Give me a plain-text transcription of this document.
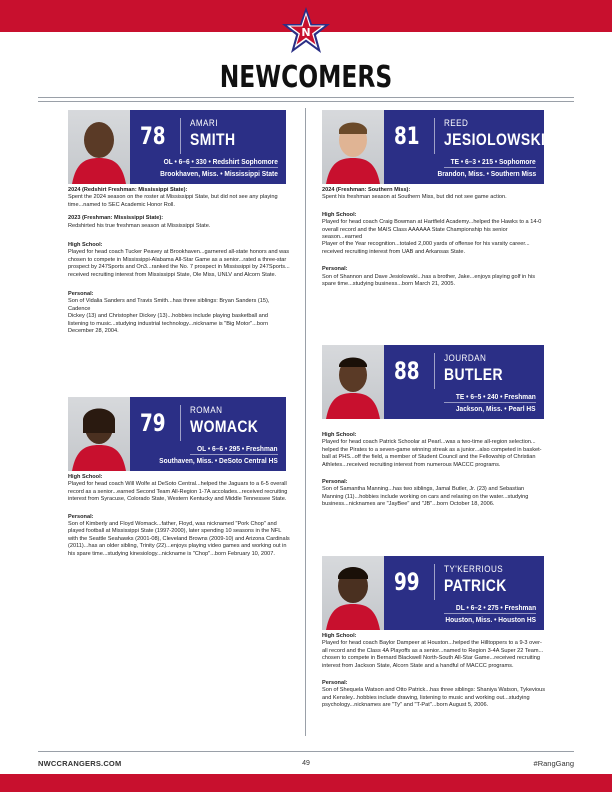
N
NEWCOMERS
78	AMARI
SMITH
OL • 6–6 • 330 • Redshirt Sophomore
Brookhaven, Miss. • Mississippi State

2024 (Redshirt Freshman: Mississippi State):
Spent the 2024 season on the roster at Mississippi State, but did not see any playing
time...named to SEC Academic Honor Roll.

2023 (Freshman: Mississippi State):
Redshirted his true freshman season at Mississippi State.

High School:
Played for head coach Tucker Peavey at Brookhaven...garnered all-state honors and was
chosen to compete in Mississippi-Alabama All-Star Game as a senior...rated a three-star
prospect by 247Sports and On3...ranked the No. 7 prospect in Mississippi by 247Sports...
received recruiting interest from Mississippi State, Ole Miss, UNLV and Alcorn State.

Personal:
Son of Vidalia Sanders and Travis Smith...has three siblings: Bryan Sanders (15), Cadence
Dickey (13) and Christopher Dickey (13)...hobbies include playing basketball and
listening to music...studying industrial technology...nickname is "Big Motor"...born
December 28, 2004.

79	ROMAN
WOMACK
OL • 6–6 • 295 • Freshman
Southaven, Miss. • DeSoto Central HS

High School:
Played for head coach Will Wolfe at DeSoto Central...helped the Jaguars to a 6-5 overall
record as a senior...earned Second Team All-Region 1-7A accolades...received recruiting
interest from Syracuse, Colorado State, Western Kentucky and Middle Tennessee State.

Personal:
Son of Kimberly and Floyd Womack...father, Floyd, was nicknamed "Pork Chop" and
played football at Mississippi State (1997-2000), later spending 10 seasons in the NFL
with the Seattle Seahawks (2001-08), Cleveland Browns (2009-10) and Arizona Cardinals
(2011)...has an older sibling, Trinity (22)...enjoys playing video games and working out in
his spare time...studying kinesiology...nickname is "Chop"...born February 10, 2007.

81	REED
JESIOLOWSKI
TE • 6–3 • 215 • Sophomore
Brandon, Miss. • Southern Miss

2024 (Freshman: Southern Miss):
Spent his freshman season at Southern Miss, but did not see game action.

High School:
Played for head coach Craig Bowman at Hartfield Academy...helped the Hawks to a 14-0
overall record and the MAIS Class AAAAAA State Championship his senior season...earned
Player of the Year recognition...totaled 2,000 yards of offense for his varsity career...
received recruiting interest from UAB and Arkansas State.

Personal:
Son of Shannon and Dave Jesiolowski...has a brother, Jake...enjoys playing golf in his
spare time...studying business...born March 21, 2005.

88	JOURDAN
BUTLER
TE • 6–5 • 240 • Freshman
Jackson, Miss. • Pearl HS

High School:
Played for head coach Patrick Schoolar at Pearl...was a two-time all-region selection...
helped the Pirates to a seven-game winning streak as a junior...also competed in basket-
ball at PHS...off the field, a member of Student Council and the Fellowship of Christian
Athletes...received recruiting interest from numerous MACCC programs.

Personal:
Son of Samantha Manning...has two siblings, Jamal Butler, Jr. (23) and Sebastian
Manning (11)...hobbies include working on cars and relaxing on the water...studying
business...nicknames are "JayBee" and "JB"...born October 18, 2006.

99	TY'KERRIOUS
PATRICK
DL • 6–2 • 275 • Freshman
Houston, Miss. • Houston HS

High School:
Played for head coach Baylor Dampeer at Houston...helped the Hilltoppers to a 9-3 over-
all record and the Class 4A Playoffs as a senior...named to Region 3-4A Super 22 Team...
chosen to compete in Bernard Blackwell North-South All-Star Game...received recruiting
interest from Jackson State, Alcorn State and a handful of MACCC programs.

Personal:
Son of Shequela Watson and Otto Patrick...has three siblings: Shaniya Watson, Tykevious
and Kensley...hobbies include drawing, listening to music and working out...studying
psychology...nicknames are "Ty" and "T-Pat"...born August 5, 2006.

NWCCRANGERS.COM	49	#RangGang
